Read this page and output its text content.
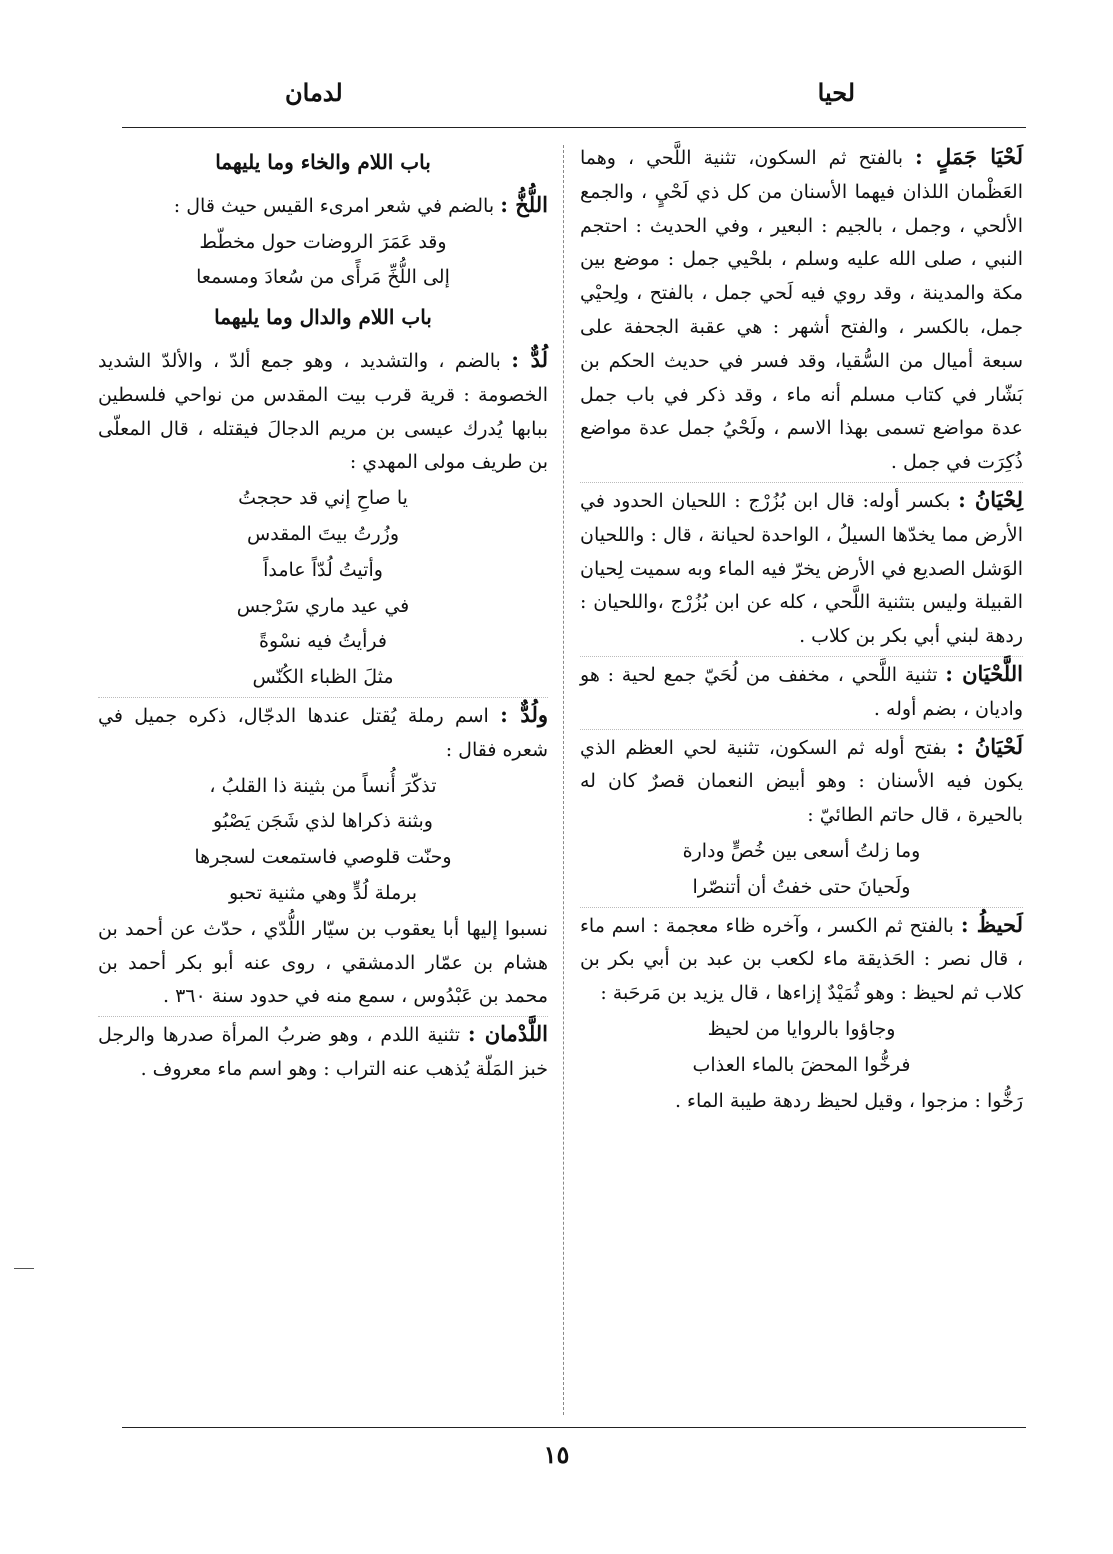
لحيا
لدمان

لَحْيَا جَمَلٍ : بالفتح ثم السكون، تثنية اللَّحي ، وهما العَظْمان اللذان فيهما الأسنان من كل ذي لَحْيٍ ، والجمع الألحي ، وجمل ، بالجيم : البعير ، وفي الحديث : احتجم النبي ، صلى الله عليه وسلم ، بلحْيي جمل : موضع بين مكة والمدينة ، وقد روي فيه لَحي جمل ، بالفتح ، ولِحيْي جمل، بالكسر ، والفتح أشهر : هي عقبة الجحفة على سبعة أميال من السُّقيا، وقد فسر في حديث الحكم بن بَشّار في كتاب مسلم أنه ماء ، وقد ذكر في باب جمل عدة مواضع تسمى بهذا الاسم ، ولَحْيُ جمل عدة مواضع ذُكِرَت في جمل .

لِحْيَانُ : بكسر أوله: قال ابن بُزُرْج : اللحيان الحدود في الأرض مما يخدّها السيلُ ، الواحدة لحيانة ، قال : واللحيان الوَشل الصديع في الأرض يخرّ فيه الماء وبه سميت لِحيان القبيلة وليس بتثنية اللَّحي ، كله عن ابن بُزُرْج ،واللحيان : ردهة لبني أبي بكر بن كلاب .

اللَّحْيَان : تثنية اللَّحي ، مخفف من لُحَيّ جمع لحية : هو واديان ، بضم أوله .

لَحْيَانُ : بفتح أوله ثم السكون، تثنية لحي العظم الذي يكون فيه الأسنان : وهو أبيض النعمان قصرٌ كان له بالحيرة ، قال حاتم الطائيّ :

وما زلتُ أسعى بين خُصٍّ ودارة
ولَحيانَ حتى خفتُ أن أتنصّرا

لَحيظُ : بالفتح ثم الكسر ، وآخره ظاء معجمة : اسم ماء ، قال نصر : الحَذيقة ماء لكعب بن عبد بن أبي بكر بن كلاب ثم لحيظ : وهو ثُمَيْدٌ إزاءها ، قال يزيد بن مَرحَبة :

وجاؤوا بالروايا من لحيظ
فرخُّوا المحضَ بالماء العذاب

رَخُّوا : مزجوا ، وقيل لحيظ ردهة طيبة الماء .

باب اللام والخاء وما يليهما

اللُّخُّ : بالضم في شعر امرىء القيس حيث قال :

وقد عَمَرَ الروضات حول مخطّط
إلى اللُّخِّ مَرأًى من سُعادَ ومسمعا
باب اللام والدال وما يليهما

لُدٌّ : بالضم ، والتشديد ، وهو جمع ألدّ ، والألدّ الشديد الخصومة : قرية قرب بيت المقدس من نواحي فلسطين ببابها يُدرك عيسى بن مريم الدجالَ فيقتله ، قال المعلّى بن طريف مولى المهدي :

يا صاحِ إني قد حججتُ
وزُرتُ بيتَ المقدس
وأتيتُ لُدّاً عامداً
في عيد ماري سَرْجس
فرأيتُ فيه نسْوةً
مثلَ الظباء الكُنّس

ولُدٌّ : اسم رملة يُقتل عندها الدجّال، ذكره جميل في شعره فقال :

تذكّرَ أُنساً من بثينة ذا القلبُ ،
وبثنة ذكراها لذي شَجَن يَصْبُو
وحنّت قلوصي فاستمعت لسجرها
برملة لُدٍّ وهي مثنية تحبو

نسبوا إليها أبا يعقوب بن سيّار اللُّدّي ، حدّث عن أحمد بن هشام بن عمّار الدمشقي ، روى عنه أبو بكر أحمد بن محمد بن عَبْدُوس ، سمع منه في حدود سنة ٣٦٠ .

اللَّدْمان : تثنية اللدم ، وهو ضربُ المرأة صدرها والرجل خبز المَلّة يُذهب عنه التراب : وهو اسم ماء معروف .

١٥
